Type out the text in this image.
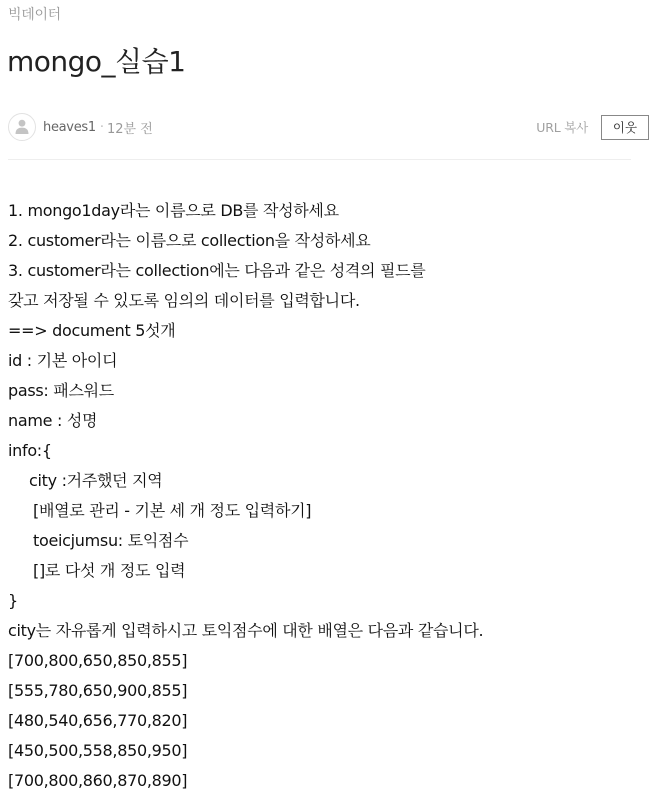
빅데이터
mongo_실습1
heaves1 · 12분 전	URL 복사	이웃
1. mongo1day라는 이름으로 DB를 작성하세요
2. customer라는 이름으로 collection을 작성하세요
3. customer라는 collection에는 다음과 같은 성격의 필드를
갖고 저장될 수 있도록 임의의 데이터를 입력합니다.
==> document 5섯개
id : 기본 아이디
pass: 패스워드
name : 성명
info:{
city :거주했던 지역
[배열로 관리 - 기본 세 개 정도 입력하기]
toeicjumsu: 토익점수
[]로 다섯 개 정도 입력
}
city는 자유롭게 입력하시고 토익점수에 대한 배열은 다음과 같습니다.
[700,800,650,850,855]
[555,780,650,900,855]
[480,540,656,770,820]
[450,500,558,850,950]
[700,800,860,870,890]
